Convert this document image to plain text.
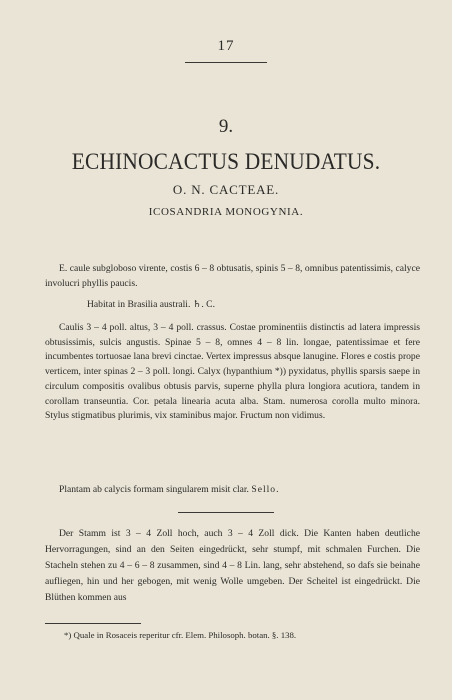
17
9.
ECHINOCACTUS DENUDATUS.
O. N. CACTEAE.
ICOSANDRIA MONOGYNIA.
E. caule subgloboso virente, costis 6 – 8 obtusatis, spinis 5 – 8, omnibus patentissimis, calyce involucri phyllis paucis.
Habitat in Brasilia australi. ♄. C.
Caulis 3 – 4 poll. altus, 3 – 4 poll. crassus. Costae prominentiis distinctis ad latera impressis obtusissimis, sulcis angustis. Spinae 5 – 8, omnes 4 – 8 lin. longae, patentissimae et fere incumbentes tortuosae lana brevi cinctae. Vertex impressus absque lanugine. Flores e costis prope verticem, inter spinas 2 – 3 poll. longi. Calyx (hypanthium *)) pyxidatus, phyllis sparsis saepe in circulum compositis ovalibus obtusis parvis, superne phylla plura longiora acutiora, tandem in corollam transeuntia. Cor. petala linearia acuta alba. Stam. numerosa corolla multo minora. Stylus stigmatibus plurimis, vix staminibus major. Fructum non vidimus.
Plantam ab calycis formam singularem misit clar. Sello.
Der Stamm ist 3 – 4 Zoll hoch, auch 3 – 4 Zoll dick. Die Kanten haben deutliche Hervorragungen, sind an den Seiten eingedrückt, sehr stumpf, mit schmalen Furchen. Die Stacheln stehen zu 4 – 6 – 8 zusammen, sind 4 – 8 Lin. lang, sehr abstehend, so dafs sie beinahe aufliegen, hin und her gebogen, mit wenig Wolle umgeben. Der Scheitel ist eingedrückt. Die Blüthen kommen aus
*) Quale in Rosaceis reperitur cfr. Elem. Philosoph. botan. §. 138.
